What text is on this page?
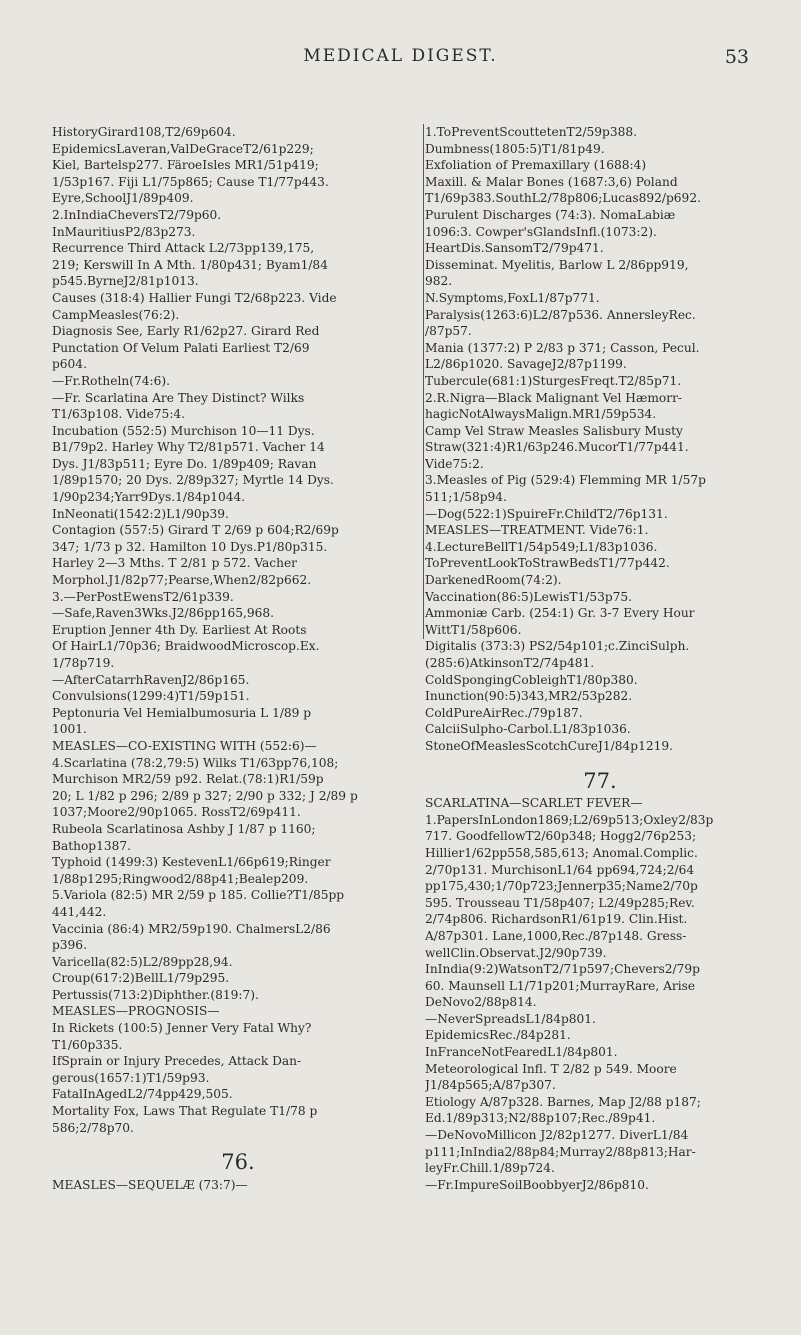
MEDICAL DIGEST.	53
HistoryGirard108,T2/69p604.
EpidemicsLaveran,ValDeGraceT2/61p229;
Kiel, Bartelsp277. FäroeIsles MR1/51p419;
1/53p167. Fiji L1/75p865; Cause T1/77p443.
Eyre,SchoolJ1/89p409.
2.InIndiaCheversT2/79p60.
InMauritiusP2/83p273.
Recurrence Third Attack L2/73pp139,175,
219; Kerswill In A Mth. 1/80p431; Byam1/84
p545.ByrneJ2/81p1013.
Causes (318:4) Hallier Fungi T2/68p223. Vide
CampMeasles(76:2).
Diagnosis See, Early R1/62p27. Girard Red
Punctation Of Velum Palati Earliest T2/69
p604.
—Fr.Rotheln(74:6).
—Fr. Scarlatina Are They Distinct? Wilks
T1/63p108. Vide75:4.
Incubation (552:5) Murchison 10—11 Dys.
B1/79p2. Harley Why T2/81p571. Vacher 14
Dys. J1/83p511; Eyre Do. 1/89p409; Ravan
1/89p1570; 20 Dys. 2/89p327; Myrtle 14 Dys.
1/90p234;Yarr9Dys.1/84p1044.
InNeonati(1542:2)L1/90p39.
Contagion (557:5) Girard T 2/69 p 604;R2/69p
347; 1/73 p 32. Hamilton 10 Dys.P1/80p315.
Harley 2—3 Mths. T 2/81 p 572. Vacher
Morphol.J1/82p77;Pearse,When2/82p662.
3.—PerPostEwensT2/61p339.
—Safe,Raven3Wks.J2/86pp165,968.
Eruption Jenner 4th Dy. Earliest At Roots
Of HairL1/70p36; BraidwoodMicroscop.Ex.
1/78p719.
—AfterCatarrhRavenJ2/86p165.
Convulsions(1299:4)T1/59p151.
Peptonuria Vel Hemialbumosuria L 1/89 p
1001.
MEASLES—CO-EXISTING WITH (552:6)—
4.Scarlatina (78:2,79:5) Wilks T1/63pp76,108;
Murchison MR2/59 p92. Relat.(78:1)R1/59p
20; L 1/82 p 296; 2/89 p 327; 2/90 p 332; J 2/89 p
1037;Moore2/90p1065. RossT2/69p411.
Rubeola Scarlatinosa Ashby J 1/87 p 1160;
Bathop1387.
Typhoid (1499:3) KestevenL1/66p619;Ringer
1/88p1295;Ringwood2/88p41;Bealep209.
5.Variola (82:5) MR 2/59 p 185. Collie?T1/85pp
441,442.
Vaccinia (86:4) MR2/59p190. ChalmersL2/86
p396.
Varicella(82:5)L2/89pp28,94.
Croup(617:2)BellL1/79p295.
Pertussis(713:2)Diphther.(819:7).
MEASLES—PROGNOSIS—
In Rickets (100:5) Jenner Very Fatal Why?
T1/60p335.
IfSprain or Injury Precedes, Attack Dan-
gerous(1657:1)T1/59p93.
FatalInAgedL2/74pp429,505.
Mortality Fox, Laws That Regulate T1/78 p
586;2/78p70.
76.
MEASLES—SEQUELÆ (73:7)—
1.ToPreventScouttetenT2/59p388.
Dumbness(1805:5)T1/81p49.
Exfoliation of Premaxillary (1688:4)
Maxill. & Malar Bones (1687:3,6) Poland
T1/69p383.SouthL2/78p806;Lucas892/p692.
Purulent Discharges (74:3). NomaLabiæ
1096:3. Cowper'sGlandsInfl.(1073:2).
HeartDis.SansomT2/79p471.
Disseminat. Myelitis, Barlow L 2/86pp919,
982.
N.Symptoms,FoxL1/87p771.
Paralysis(1263:6)L2/87p536. AnnersleyRec.
/87p57.
Mania (1377:2) P 2/83 p 371; Casson, Pecul.
L2/86p1020. SavageJ2/87p1199.
Tubercule(681:1)SturgesFreqt.T2/85p71.
2.R.Nigra—Black Malignant Vel Hæmorr-
hagicNotAlwaysMalign.MR1/59p534.
Camp Vel Straw Measles Salisbury Musty
Straw(321:4)R1/63p246.MucorT1/77p441.
Vide75:2.
3.Measles of Pig (529:4) Flemming MR 1/57p
511;1/58p94.
—Dog(522:1)SpuireFr.ChildT2/76p131.
MEASLES—TREATMENT. Vide76:1.
4.LectureBellT1/54p549;L1/83p1036.
ToPreventLookToStrawBedsT1/77p442.
DarkenedRoom(74:2).
Vaccination(86:5)LewisT1/53p75.
Ammoniæ Carb. (254:1) Gr. 3-7 Every Hour
WittT1/58p606.
Digitalis (373:3) PS2/54p101;c.ZinciSulph.
(285:6)AtkinsonT2/74p481.
ColdSpongingCobleighT1/80p380.
Inunction(90:5)343,MR2/53p282.
ColdPureAirRec./79p187.
CalciiSulpho-Carbol.L1/83p1036.
StoneOfMeaslesScotchCureJ1/84p1219.
77.
SCARLATINA—SCARLET FEVER—
1.PapersInLondon1869;L2/69p513;Oxley2/83p
717. GoodfellowT2/60p348; Hogg2/76p253;
Hillier1/62pp558,585,613; Anomal.Complic.
2/70p131. MurchisonL1/64 pp694,724;2/64
pp175,430;1/70p723;Jennerp35;Name2/70p
595. Trousseau T1/58p407; L2/49p285;Rev.
2/74p806. RichardsonR1/61p19. Clin.Hist.
A/87p301. Lane,1000,Rec./87p148. Gress-
wellClin.Observat.J2/90p739.
InIndia(9:2)WatsonT2/71p597;Chevers2/79p
60. Maunsell L1/71p201;MurrayRare, Arise
DeNovo2/88p814.
—NeverSpreadsL1/84p801.
EpidemicsRec./84p281.
InFranceNotFearedL1/84p801.
Meteorological Infl. T 2/82 p 549. Moore
J1/84p565;A/87p307.
Etiology A/87p328. Barnes, Map J2/88 p187;
Ed.1/89p313;N2/88p107;Rec./89p41.
—DeNovoMillicon J2/82p1277. DiverL1/84
p111;InIndia2/88p84;Murray2/88p813;Har-
leyFr.Chill.1/89p724.
—Fr.ImpureSoilBoobbyerJ2/86p810.
